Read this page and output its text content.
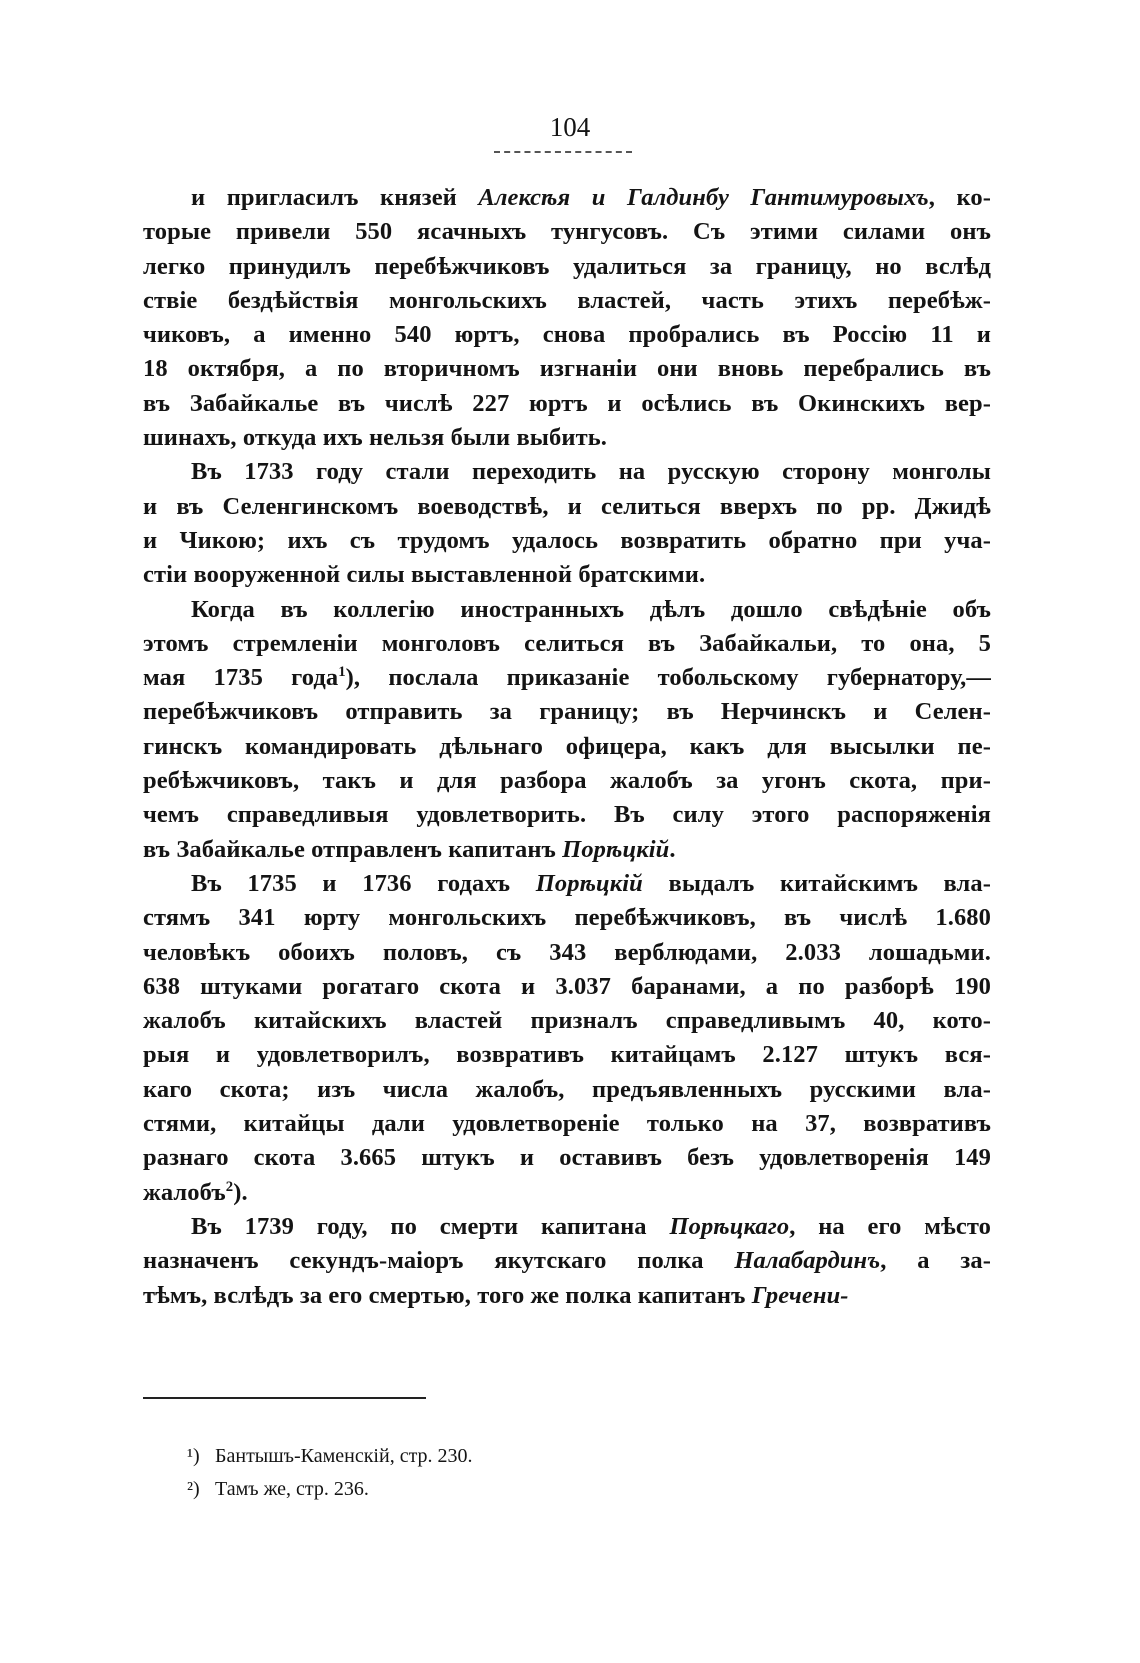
104
и пригласилъ князей Алексѣя и Галдинбу Гантимуровыхъ, ко-
торые привели 550 ясачныхъ тунгусовъ. Съ этими силами онъ
легко принудилъ перебѣжчиковъ удалиться за границу, но вслѣд
ствіе бездѣйствія монгольскихъ властей, часть этихъ перебѣж-
чиковъ, а именно 540 юртъ, снова пробрались въ Россію 11 и
18 октября, а по вторичномъ изгнаніи они вновь перебрались въ
въ Забайкалье въ числѣ 227 юртъ и осѣлись въ Окинскихъ вер-
шинахъ, откуда ихъ нельзя были выбить.
Въ 1733 году стали переходить на русскую сторону монголы
и въ Селенгинскомъ воеводствѣ, и селиться вверхъ по рр. Джидѣ
и Чикою; ихъ съ трудомъ удалось возвратить обратно при уча-
стіи вооруженной силы выставленной братскими.
Когда въ коллегію иностранныхъ дѣлъ дошло свѣдѣніе объ
этомъ стремленіи монголовъ селиться въ Забайкальи, то она, 5
мая 1735 года$^1$), послала приказаніе тобольскому губернатору,—
перебѣжчиковъ отправить за границу; въ Нерчинскъ и Селен-
гинскъ командировать дѣльнаго офицера, какъ для высылки пе-
ребѣжчиковъ, такъ и для разбора жалобъ за угонъ скота, при-
чемъ справедливыя удовлетворить. Въ силу этого распоряженія
въ Забайкалье отправленъ капитанъ Порѣцкій.
Въ 1735 и 1736 годахъ Порѣцкій выдалъ китайскимъ вла-
стямъ 341 юрту монгольскихъ перебѣжчиковъ, въ числѣ 1.680
человѣкъ обоихъ половъ, съ 343 верблюдами, 2.033 лошадьми.
638 штуками рогатаго скота и 3.037 баранами, а по разборѣ 190
жалобъ китайскихъ властей призналъ справедливымъ 40, кото-
рыя и удовлетворилъ, возвративъ китайцамъ 2.127 штукъ вся-
каго скота; изъ числа жалобъ, предъявленныхъ русскими вла-
стями, китайцы дали удовлетвореніе только на 37, возвративъ
разнаго скота 3.665 штукъ и оставивъ безъ удовлетворенія 149
жалобъ$^2$).
Въ 1739 году, по смерти капитана Порѣцкаго, на его мѣсто
назначенъ секундъ-маіоръ якутскаго полка Налабардинъ, а за-
тѣмъ, вслѣдъ за его смертью, того же полка капитанъ Гречени-
¹) Бантышъ-Каменскій, стр. 230.
²) Тамъ же, стр. 236.
